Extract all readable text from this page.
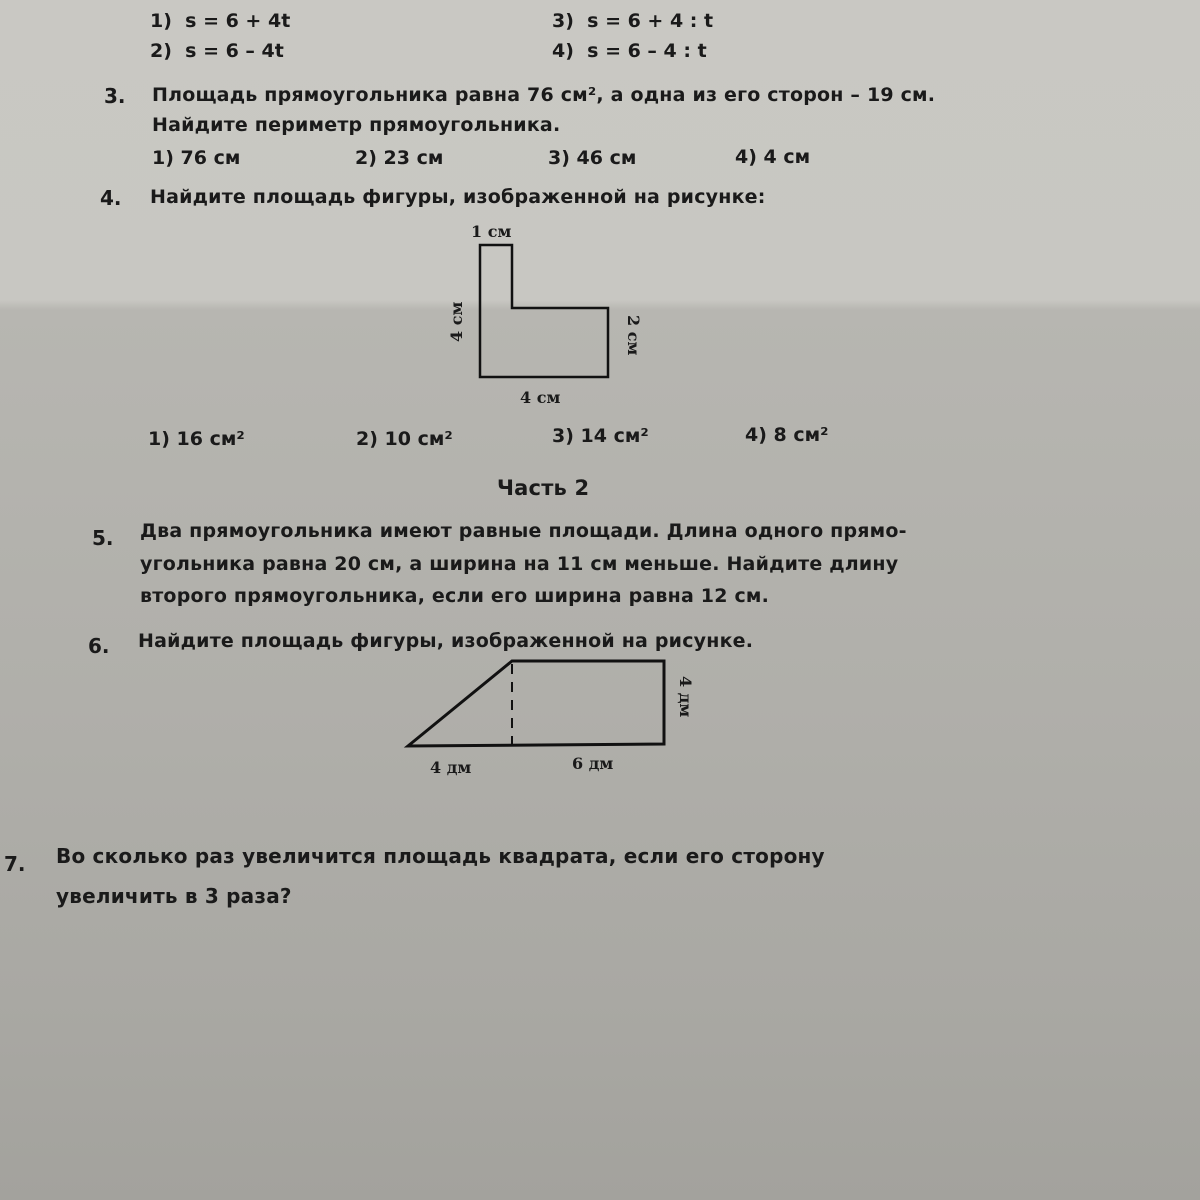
1) s = 6 + 4t
2) s = 6 – 4t
3) s = 6 + 4 : t
4) s = 6 – 4 : t
3. Площадь прямоугольника равна 76 см², а одна из его сторон – 19 см.
Найдите периметр прямоугольника.
1) 76 см	2) 23 см	3) 46 см	4) 4 см
4. Найдите площадь фигуры, изображенной на рисунке:
1 см
4 см	2 см
4 см
1) 16 см²	2) 10 см²	3) 14 см²	4) 8 см²
Часть 2
5. Два прямоугольника имеют равные площади. Длина одного прямо-
угольника равна 20 см, а ширина на 11 см меньше. Найдите длину
второго прямоугольника, если его ширина равна 12 см.
6. Найдите площадь фигуры, изображенной на рисунке.
4 дм	6 дм
4 дм
7. Во сколько раз увеличится площадь квадрата, если его сторону
увеличить в 3 раза?
